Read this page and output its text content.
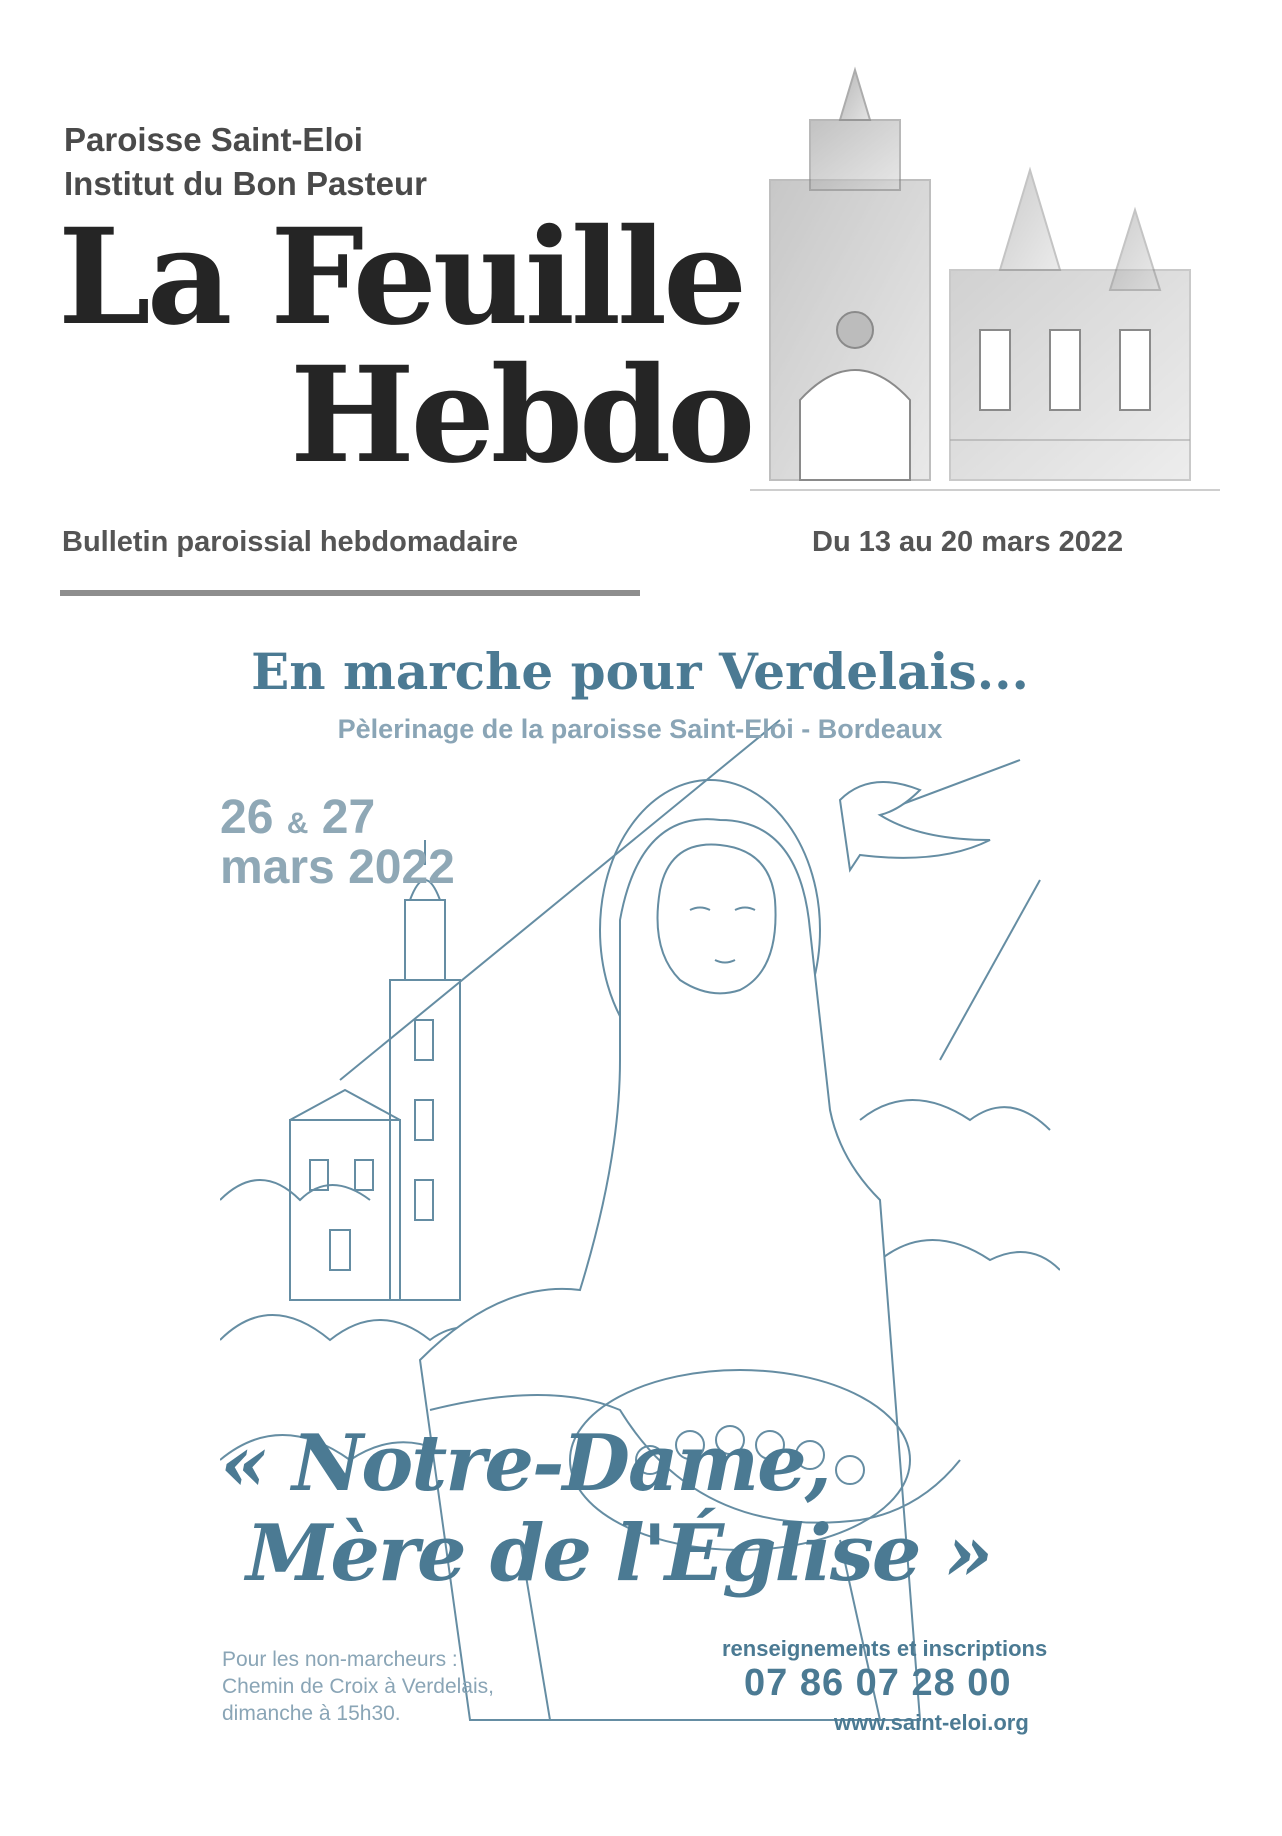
Paroisse Saint-Eloi
Institut du Bon Pasteur
La Feuille
Hebdo
Bulletin paroissial hebdomadaire	Du 13 au 20 mars 2022
En marche pour Verdelais...
Pèlerinage de la paroisse Saint-Eloi - Bordeaux
26 & 27
mars 2022
« Notre-Dame,
Mère de l'Église »
Pour les non-marcheurs :
Chemin de Croix à Verdelais,
dimanche à 15h30.
renseignements et inscriptions
07 86 07 28 00
www.saint-eloi.org
